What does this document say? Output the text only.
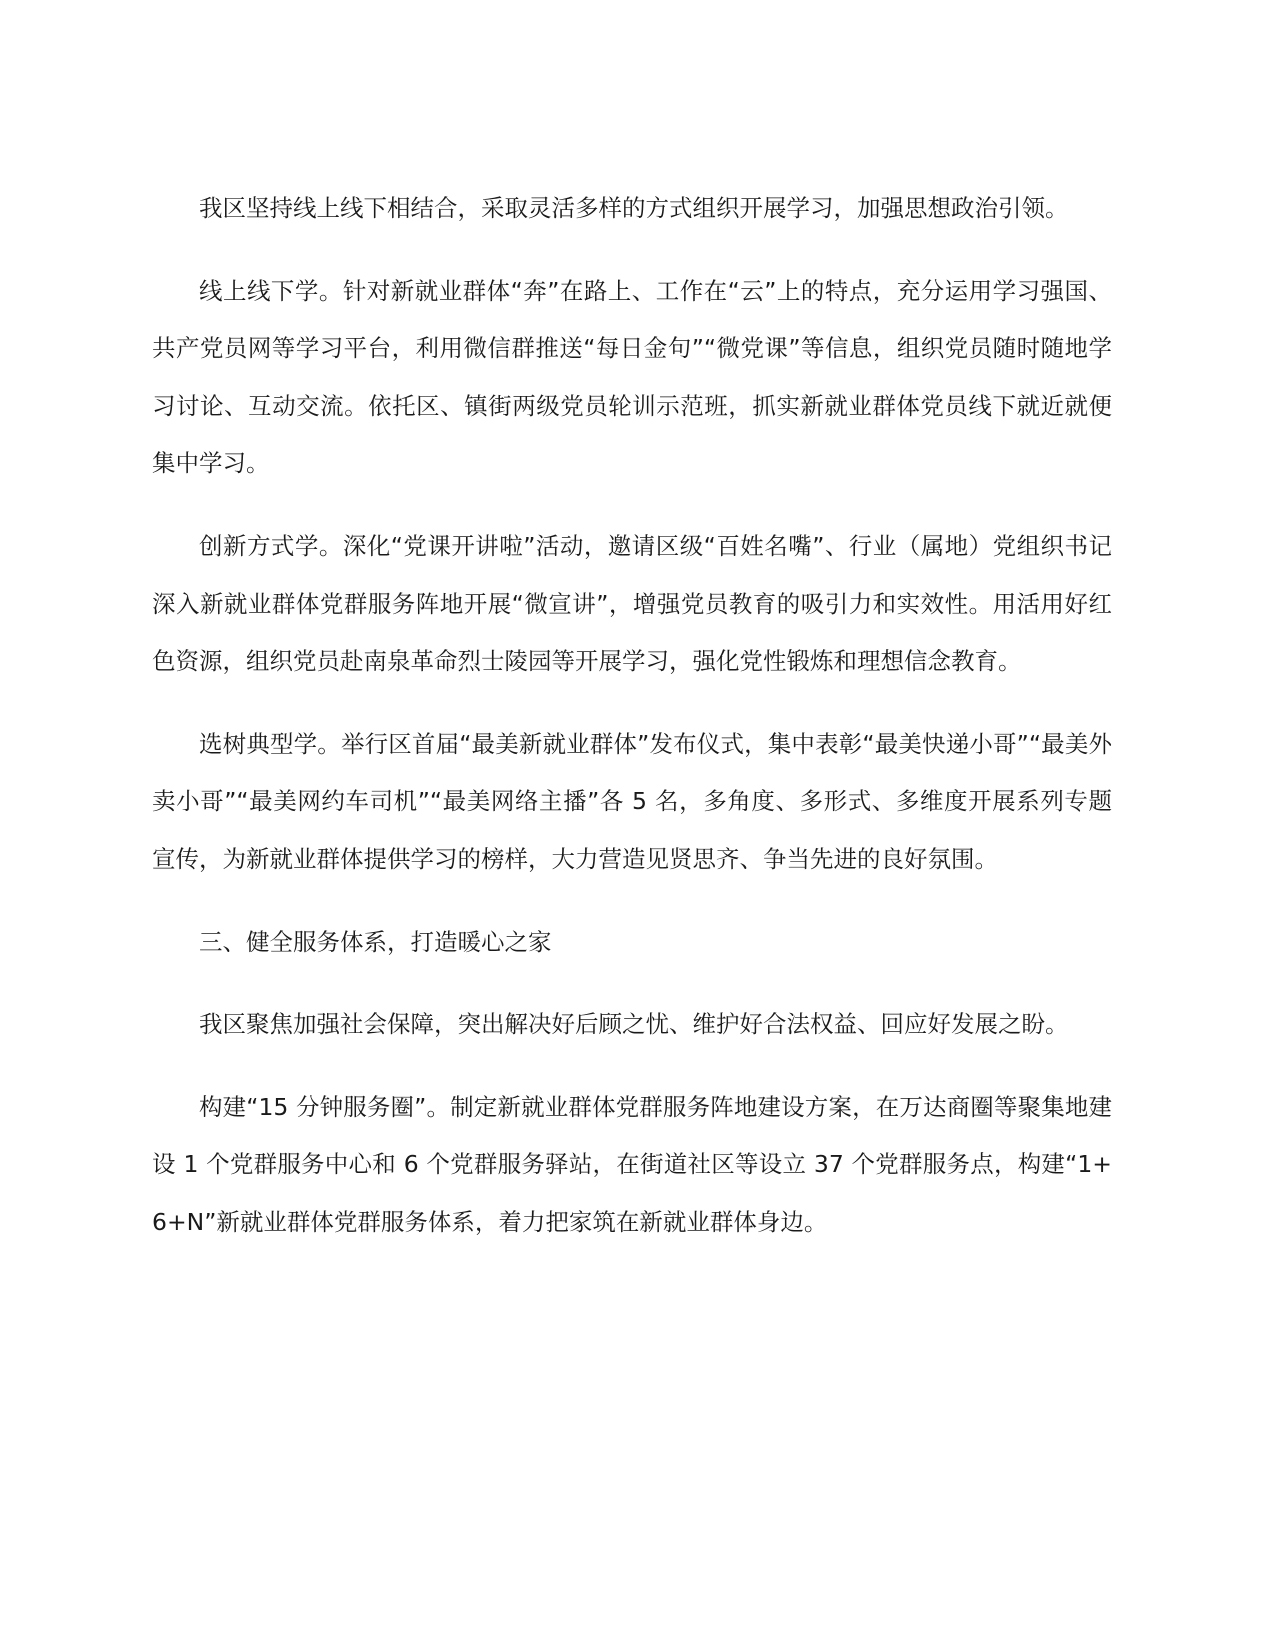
我区坚持线上线下相结合，采取灵活多样的方式组织开展学习，加强思想政治引领。

线上线下学。针对新就业群体“奔”在路上、工作在“云”上的特点，充分运用学习强国、共产党员网等学习平台，利用微信群推送“每日金句”“微党课”等信息，组织党员随时随地学习讨论、互动交流。依托区、镇街两级党员轮训示范班，抓实新就业群体党员线下就近就便集中学习。

创新方式学。深化“党课开讲啦”活动，邀请区级“百姓名嘴”、行业（属地）党组织书记深入新就业群体党群服务阵地开展“微宣讲”，增强党员教育的吸引力和实效性。用活用好红色资源，组织党员赴南泉革命烈士陵园等开展学习，强化党性锻炼和理想信念教育。

选树典型学。举行区首届“最美新就业群体”发布仪式，集中表彰“最美快递小哥”“最美外卖小哥”“最美网约车司机”“最美网络主播”各 5 名，多角度、多形式、多维度开展系列专题宣传，为新就业群体提供学习的榜样，大力营造见贤思齐、争当先进的良好氛围。

三、健全服务体系，打造暖心之家

我区聚焦加强社会保障，突出解决好后顾之忧、维护好合法权益、回应好发展之盼。

构建“15 分钟服务圈”。制定新就业群体党群服务阵地建设方案，在万达商圈等聚集地建设 1 个党群服务中心和 6 个党群服务驿站，在街道社区等设立 37 个党群服务点，构建“1+6+N”新就业群体党群服务体系，着力把家筑在新就业群体身边。
